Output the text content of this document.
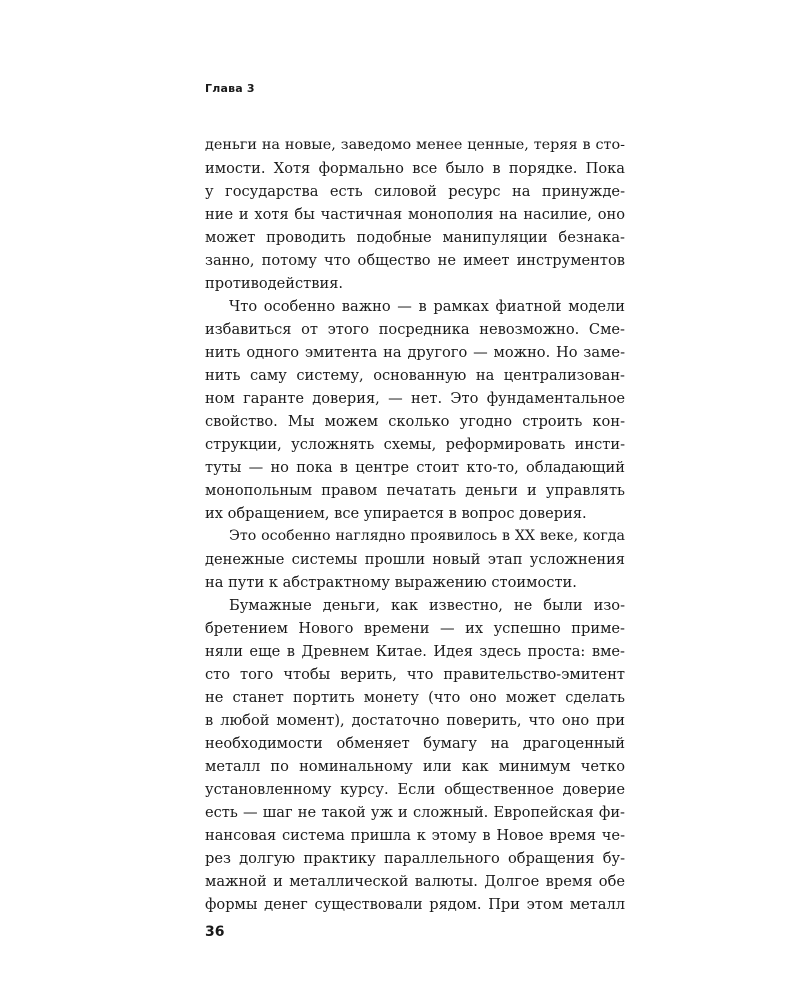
Глава 3
деньги на новые, заведомо менее ценные, теряя в сто-
имости. Хотя формально все было в порядке. Пока
у государства есть силовой ресурс на принужде-
ние и хотя бы частичная монополия на насилие, оно
может проводить подобные манипуляции безнака-
занно, потому что общество не имеет инструментов
противодействия.
Что особенно важно — в рамках фиатной модели
избавиться от этого посредника невозможно. Сме-
нить одного эмитента на другого — можно. Но заме-
нить саму систему, основанную на централизован-
ном гаранте доверия, — нет. Это фундаментальное
свойство. Мы можем сколько угодно строить кон-
струкции, усложнять схемы, реформировать инсти-
туты — но пока в центре стоит кто-то, обладающий
монопольным правом печатать деньги и управлять
их обращением, все упирается в вопрос доверия.
Это особенно наглядно проявилось в XX веке, когда
денежные системы прошли новый этап усложнения
на пути к абстрактному выражению стоимости.
Бумажные деньги, как известно, не были изо-
бретением Нового времени — их успешно приме-
няли еще в Древнем Китае. Идея здесь проста: вме-
сто того чтобы верить, что правительство-эмитент
не станет портить монету (что оно может сделать
в любой момент), достаточно поверить, что оно при
необходимости обменяет бумагу на драгоценный
металл по номинальному или как минимум четко
установленному курсу. Если общественное доверие
есть — шаг не такой уж и сложный. Европейская фи-
нансовая система пришла к этому в Новое время че-
рез долгую практику параллельного обращения бу-
мажной и металлической валюты. Долгое время обе
формы денег существовали рядом. При этом металл
36
